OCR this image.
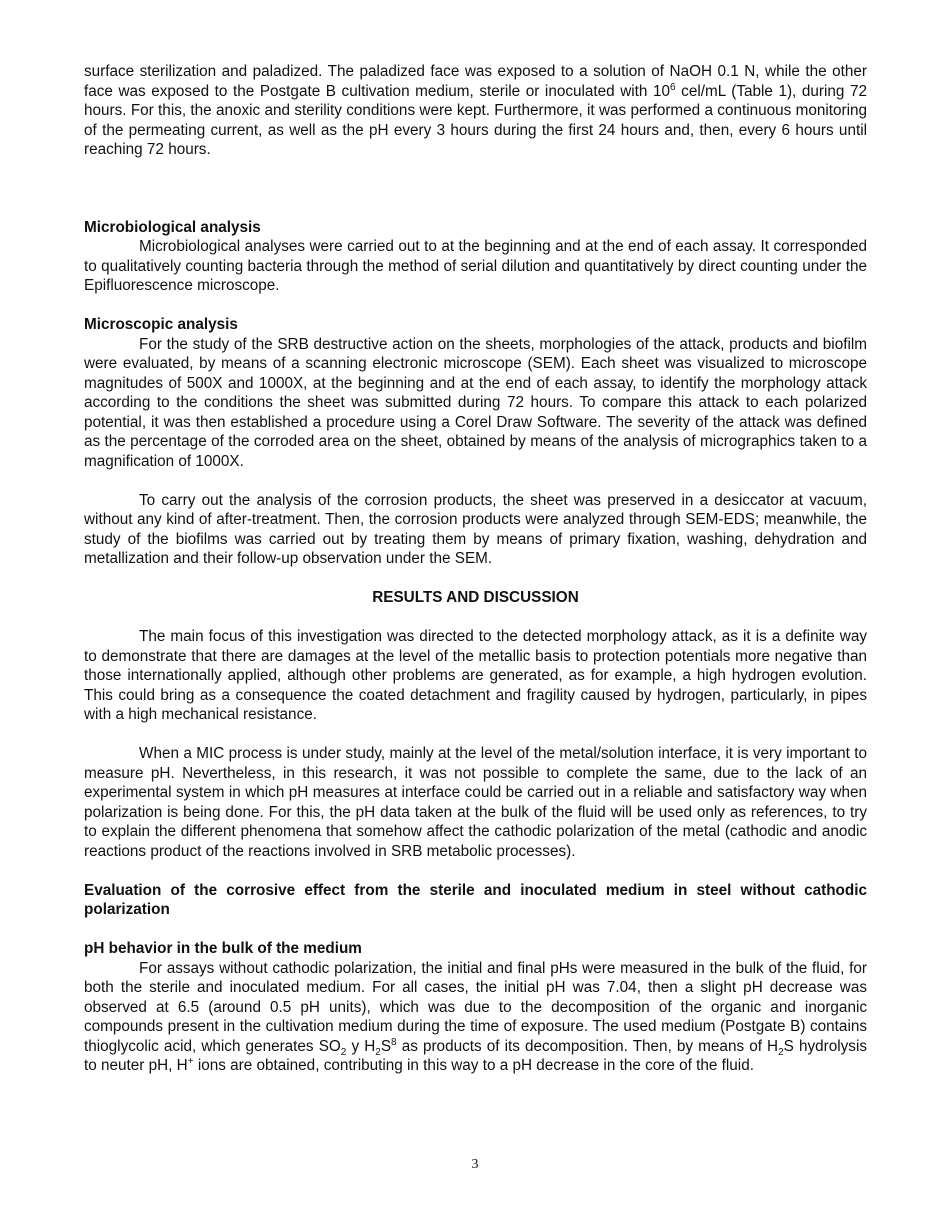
surface sterilization and paladized. The paladized face was exposed to a solution of NaOH 0.1 N, while the other face was exposed to the Postgate B cultivation medium, sterile or inoculated with $10^6$ cel/mL (Table 1), during 72 hours. For this, the anoxic and sterility conditions were kept. Furthermore, it was performed a continuous monitoring of the permeating current, as well as the pH every 3 hours during the first 24 hours and, then, every 6 hours until reaching 72 hours.

Microbiological analysis

Microbiological analyses were carried out to at the beginning and at the end of each assay. It corresponded to qualitatively counting bacteria through the method of serial dilution and quantitatively by direct counting under the Epifluorescence microscope.

Microscopic analysis

For the study of the SRB destructive action on the sheets, morphologies of the attack, products and biofilm were evaluated, by means of a scanning electronic microscope (SEM). Each sheet was visualized to microscope magnitudes of 500X and 1000X, at the beginning and at the end of each assay, to identify the morphology attack according to the conditions the sheet was submitted during 72 hours. To compare this attack to each polarized potential, it was then established a procedure using a Corel Draw Software. The severity of the attack was defined as the percentage of the corroded area on the sheet, obtained by means of the analysis of micrographics taken to a magnification of 1000X.

To carry out the analysis of the corrosion products, the sheet was preserved in a desiccator at vacuum, without any kind of after-treatment. Then, the corrosion products were analyzed through SEM-EDS; meanwhile, the study of the biofilms was carried out by treating them by means of primary fixation, washing, dehydration and metallization and their follow-up observation under the SEM.

RESULTS AND DISCUSSION

The main focus of this investigation was directed to the detected morphology attack, as it is a definite way to demonstrate that there are damages at the level of the metallic basis to protection potentials more negative than those internationally applied, although other problems are generated, as for example, a high hydrogen evolution. This could bring as a consequence the coated detachment and fragility caused by hydrogen, particularly, in pipes with a high mechanical resistance.

When a MIC process is under study, mainly at the level of the metal/solution interface, it is very important to measure pH. Nevertheless, in this research, it was not possible to complete the same, due to the lack of an experimental system in which pH measures at interface could be carried out in a reliable and satisfactory way when polarization is being done. For this, the pH data taken at the bulk of the fluid will be used only as references, to try to explain the different phenomena that somehow affect the cathodic polarization of the metal (cathodic and anodic reactions product of the reactions involved in SRB metabolic processes).

Evaluation of the corrosive effect from the sterile and inoculated medium in steel without cathodic polarization

pH behavior in the bulk of the medium

For assays without cathodic polarization, the initial and final pHs were measured in the bulk of the fluid, for both the sterile and inoculated medium. For all cases, the initial pH was 7.04, then a slight pH decrease was observed at 6.5 (around 0.5 pH units), which was due to the decomposition of the organic and inorganic compounds present in the cultivation medium during the time of exposure. The used medium (Postgate B) contains thioglycolic acid, which generates $SO_2$ y $H_2S^8$ as products of its decomposition. Then, by means of $H_2S$ hydrolysis to neuter pH, H+ ions are obtained, contributing in this way to a pH decrease in the core of the fluid.

3
